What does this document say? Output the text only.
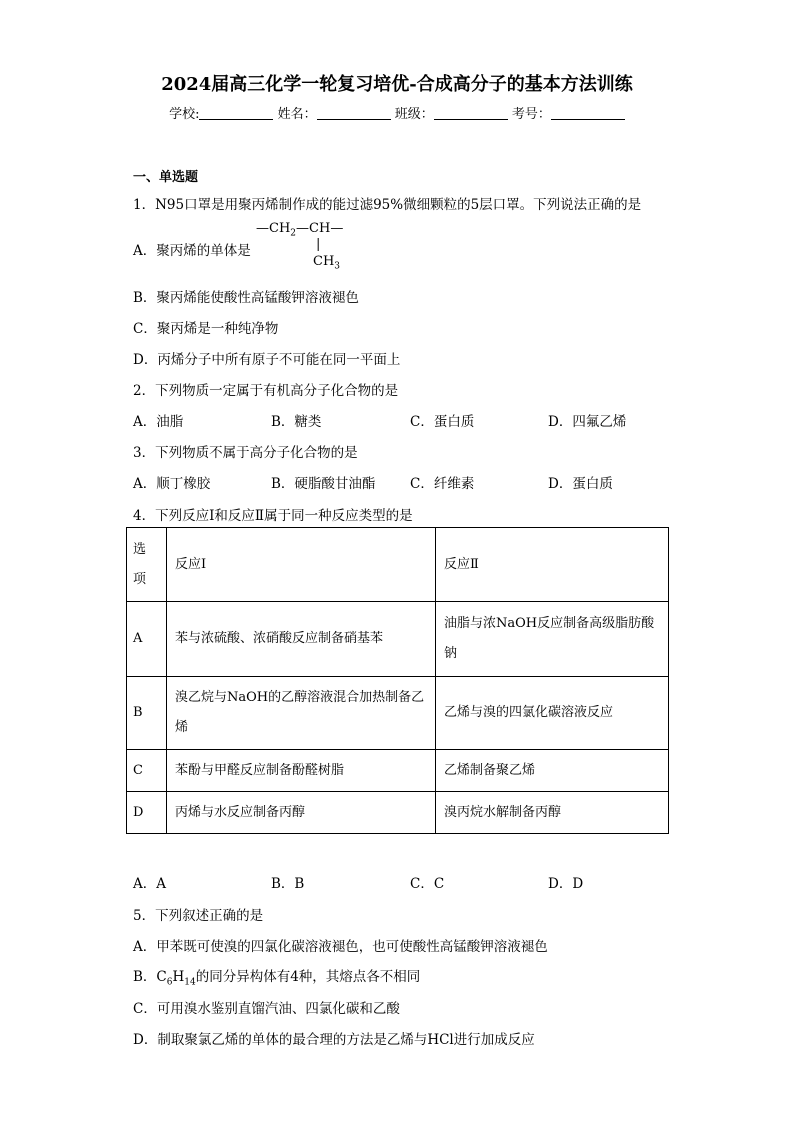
2024届高三化学一轮复习培优-合成高分子的基本方法训练
学校:	姓名：	班级：	考号：
一、单选题
1．N95口罩是用聚丙烯制作成的能过滤95%微细颗粒的5层口罩。下列说法正确的是
A．聚丙烯的单体是
$—CH_2—CH—$
|
$CH_3$
B．聚丙烯能使酸性高锰酸钾溶液褪色
C．聚丙烯是一种纯净物
D．丙烯分子中所有原子不可能在同一平面上
2．下列物质一定属于有机高分子化合物的是
A．油脂	B．糖类	C．蛋白质	D．四氟乙烯
3．下列物质不属于高分子化合物的是
A．顺丁橡胶	B．硬脂酸甘油酯	C．纤维素	D．蛋白质
4．下列反应Ⅰ和反应Ⅱ属于同一种反应类型的是
选项	反应Ⅰ	反应Ⅱ
A	苯与浓硫酸、浓硝酸反应制备硝基苯	油脂与浓NaOH反应制备高级脂肪酸钠
B	溴乙烷与NaOH的乙醇溶液混合加热制备乙烯	乙烯与溴的四氯化碳溶液反应
C	苯酚与甲醛反应制备酚醛树脂	乙烯制备聚乙烯
D	丙烯与水反应制备丙醇	溴丙烷水解制备丙醇
A．A	B．B	C．C	D．D
5．下列叙述正确的是
A．甲苯既可使溴的四氯化碳溶液褪色，也可使酸性高锰酸钾溶液褪色
B．$C_6H_{14}$的同分异构体有4种，其熔点各不相同
C．可用溴水鉴别直馏汽油、四氯化碳和乙酸
D．制取聚氯乙烯的单体的最合理的方法是乙烯与HCl进行加成反应
